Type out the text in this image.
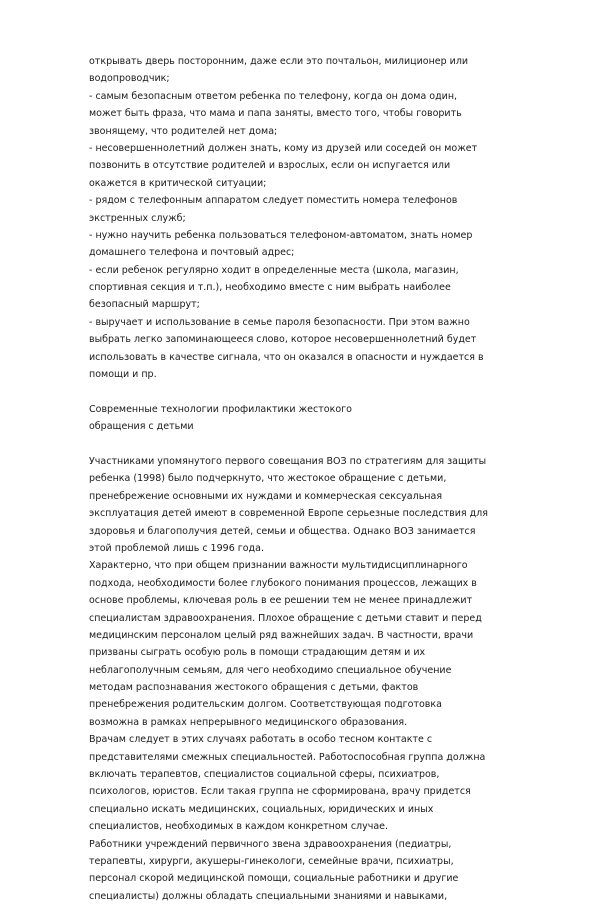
открывать дверь посторонним, даже если это почтальон, милиционер или
водопроводчик;
- самым безопасным ответом ребенка по телефону, когда он дома один,
может быть фраза, что мама и папа заняты, вместо того, чтобы говорить
звонящему, что родителей нет дома;
- несовершеннолетний должен знать, кому из друзей или соседей он может
позвонить в отсутствие родителей и взрослых, если он испугается или
окажется в критической ситуации;
- рядом с телефонным аппаратом следует поместить номера телефонов
экстренных служб;
- нужно научить ребенка пользоваться телефоном-автоматом, знать номер
домашнего телефона и почтовый адрес;
- если ребенок регулярно ходит в определенные места (школа, магазин,
спортивная секция и т.п.), необходимо вместе с ним выбрать наиболее
безопасный маршрут;
- выручает и использование в семье пароля безопасности. При этом важно
выбрать легко запоминающееся слово, которое несовершеннолетний будет
использовать в качестве сигнала, что он оказался в опасности и нуждается в
помощи и пр.
Современные технологии профилактики жестокого
обращения с детьми
Участниками упомянутого первого совещания ВОЗ по стратегиям для защиты
ребенка (1998) было подчеркнуто, что жестокое обращение с детьми,
пренебрежение основными их нуждами и коммерческая сексуальная
эксплуатация детей имеют в современной Европе серьезные последствия для
здоровья и благополучия детей, семьи и общества. Однако ВОЗ занимается
этой проблемой лишь с 1996 года.
Характерно, что при общем признании важности мультидисциплинарного
подхода, необходимости более глубокого понимания процессов, лежащих в
основе проблемы, ключевая роль в ее решении тем не менее принадлежит
специалистам здравоохранения. Плохое обращение с детьми ставит и перед
медицинским персоналом целый ряд важнейших задач. В частности, врачи
призваны сыграть особую роль в помощи страдающим детям и их
неблагополучным семьям, для чего необходимо специальное обучение
методам распознавания жестокого обращения с детьми, фактов
пренебрежения родительским долгом. Соответствующая подготовка
возможна в рамках непрерывного медицинского образования.
Врачам следует в этих случаях работать в особо тесном контакте с
представителями смежных специальностей. Работоспособная группа должна
включать терапевтов, специалистов социальной сферы, психиатров,
психологов, юристов. Если такая группа не сформирована, врачу придется
специально искать медицинских, социальных, юридических и иных
специалистов, необходимых в каждом конкретном случае.
Работники учреждений первичного звена здравоохранения (педиатры,
терапевты, хирурги, акушеры-гинекологи, семейные врачи, психиатры,
персонал скорой медицинской помощи, социальные работники и другие
специалисты) должны обладать специальными знаниями и навыками,
